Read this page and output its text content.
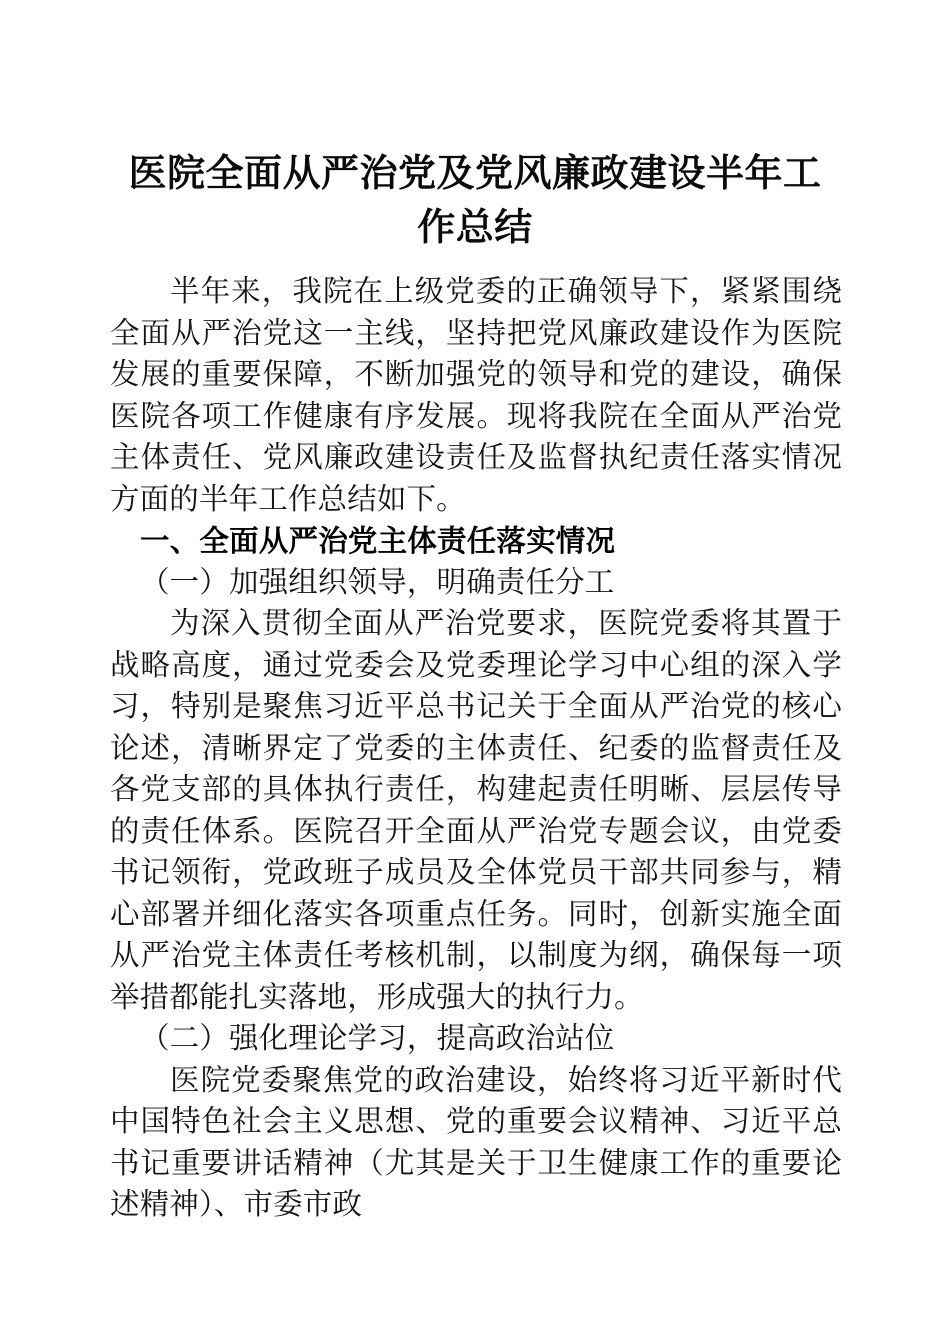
医院全面从严治党及党风廉政建设半年工作总结

半年来，我院在上级党委的正确领导下，紧紧围绕全面从严治党这一主线，坚持把党风廉政建设作为医院发展的重要保障，不断加强党的领导和党的建设，确保医院各项工作健康有序发展。现将我院在全面从严治党主体责任、党风廉政建设责任及监督执纪责任落实情况方面的半年工作总结如下。

一、全面从严治党主体责任落实情况

（一）加强组织领导，明确责任分工

为深入贯彻全面从严治党要求，医院党委将其置于战略高度，通过党委会及党委理论学习中心组的深入学习，特别是聚焦习近平总书记关于全面从严治党的核心论述，清晰界定了党委的主体责任、纪委的监督责任及各党支部的具体执行责任，构建起责任明晰、层层传导的责任体系。医院召开全面从严治党专题会议，由党委书记领衔，党政班子成员及全体党员干部共同参与，精心部署并细化落实各项重点任务。同时，创新实施全面从严治党主体责任考核机制，以制度为纲，确保每一项举措都能扎实落地，形成强大的执行力。

（二）强化理论学习，提高政治站位

医院党委聚焦党的政治建设，始终将习近平新时代中国特色社会主义思想、党的重要会议精神、习近平总书记重要讲话精神（尤其是关于卫生健康工作的重要论述精神）、市委市政
